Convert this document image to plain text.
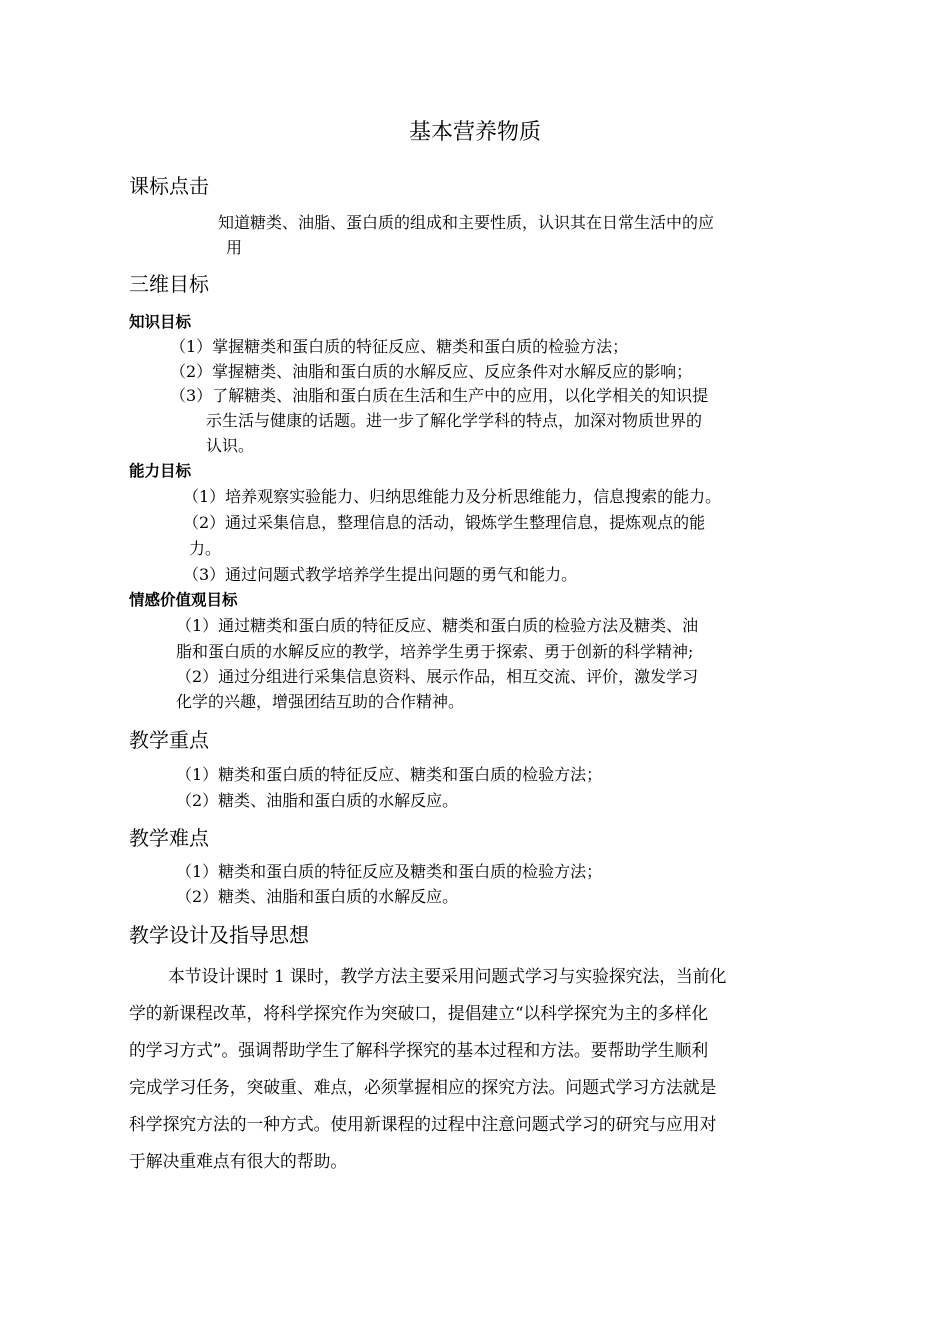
基本营养物质
课标点击

知道糖类、油脂、蛋白质的组成和主要性质，认识其在日常生活中的应

用

三维目标
知识目标

（1）掌握糖类和蛋白质的特征反应、糖类和蛋白质的检验方法；

（2）掌握糖类、油脂和蛋白质的水解反应、反应条件对水解反应的影响；

（3）了解糖类、油脂和蛋白质在生活和生产中的应用，以化学相关的知识提

示生活与健康的话题。进一步了解化学学科的特点，加深对物质世界的

认识。

能力目标

（1）培养观察实验能力、归纳思维能力及分析思维能力，信息搜索的能力。

（2）通过采集信息，整理信息的活动，锻炼学生整理信息，提炼观点的能

力。

（3）通过问题式教学培养学生提出问题的勇气和能力。

情感价值观目标

（1）通过糖类和蛋白质的特征反应、糖类和蛋白质的检验方法及糖类、油

脂和蛋白质的水解反应的教学，培养学生勇于探索、勇于创新的科学精神;

（2）通过分组进行采集信息资料、展示作品，相互交流、评价，激发学习

化学的兴趣，增强团结互助的合作精神。

教学重点

（1）糖类和蛋白质的特征反应、糖类和蛋白质的检验方法；

（2）糖类、油脂和蛋白质的水解反应。

教学难点

（1）糖类和蛋白质的特征反应及糖类和蛋白质的检验方法；

（2）糖类、油脂和蛋白质的水解反应。

教学设计及指导思想

本节设计课时 1 课时，教学方法主要采用问题式学习与实验探究法，当前化

学的新课程改革，将科学探究作为突破口，提倡建立“以科学探究为主的多样化

的学习方式”。强调帮助学生了解科学探究的基本过程和方法。要帮助学生顺利

完成学习任务，突破重、难点，必须掌握相应的探究方法。问题式学习方法就是

科学探究方法的一种方式。使用新课程的过程中注意问题式学习的研究与应用对

于解决重难点有很大的帮助。
